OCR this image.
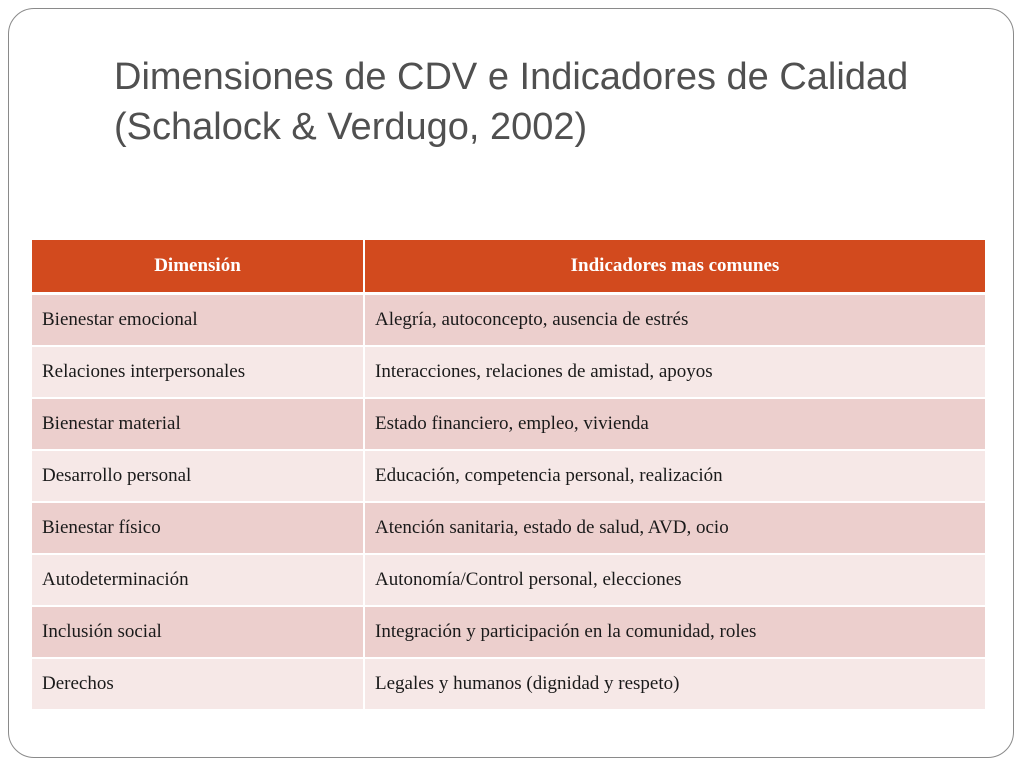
Dimensiones de CDV e Indicadores de Calidad
(Schalock & Verdugo, 2002)
Dimensión	Indicadores mas comunes
Bienestar emocional	Alegría, autoconcepto, ausencia de estrés
Relaciones interpersonales	Interacciones, relaciones de amistad, apoyos
Bienestar material	Estado financiero, empleo, vivienda
Desarrollo personal	Educación, competencia personal, realización
Bienestar físico	Atención sanitaria, estado de salud, AVD, ocio
Autodeterminación	Autonomía/Control personal, elecciones
Inclusión social	Integración y participación en la comunidad, roles
Derechos	Legales y humanos (dignidad y respeto)
